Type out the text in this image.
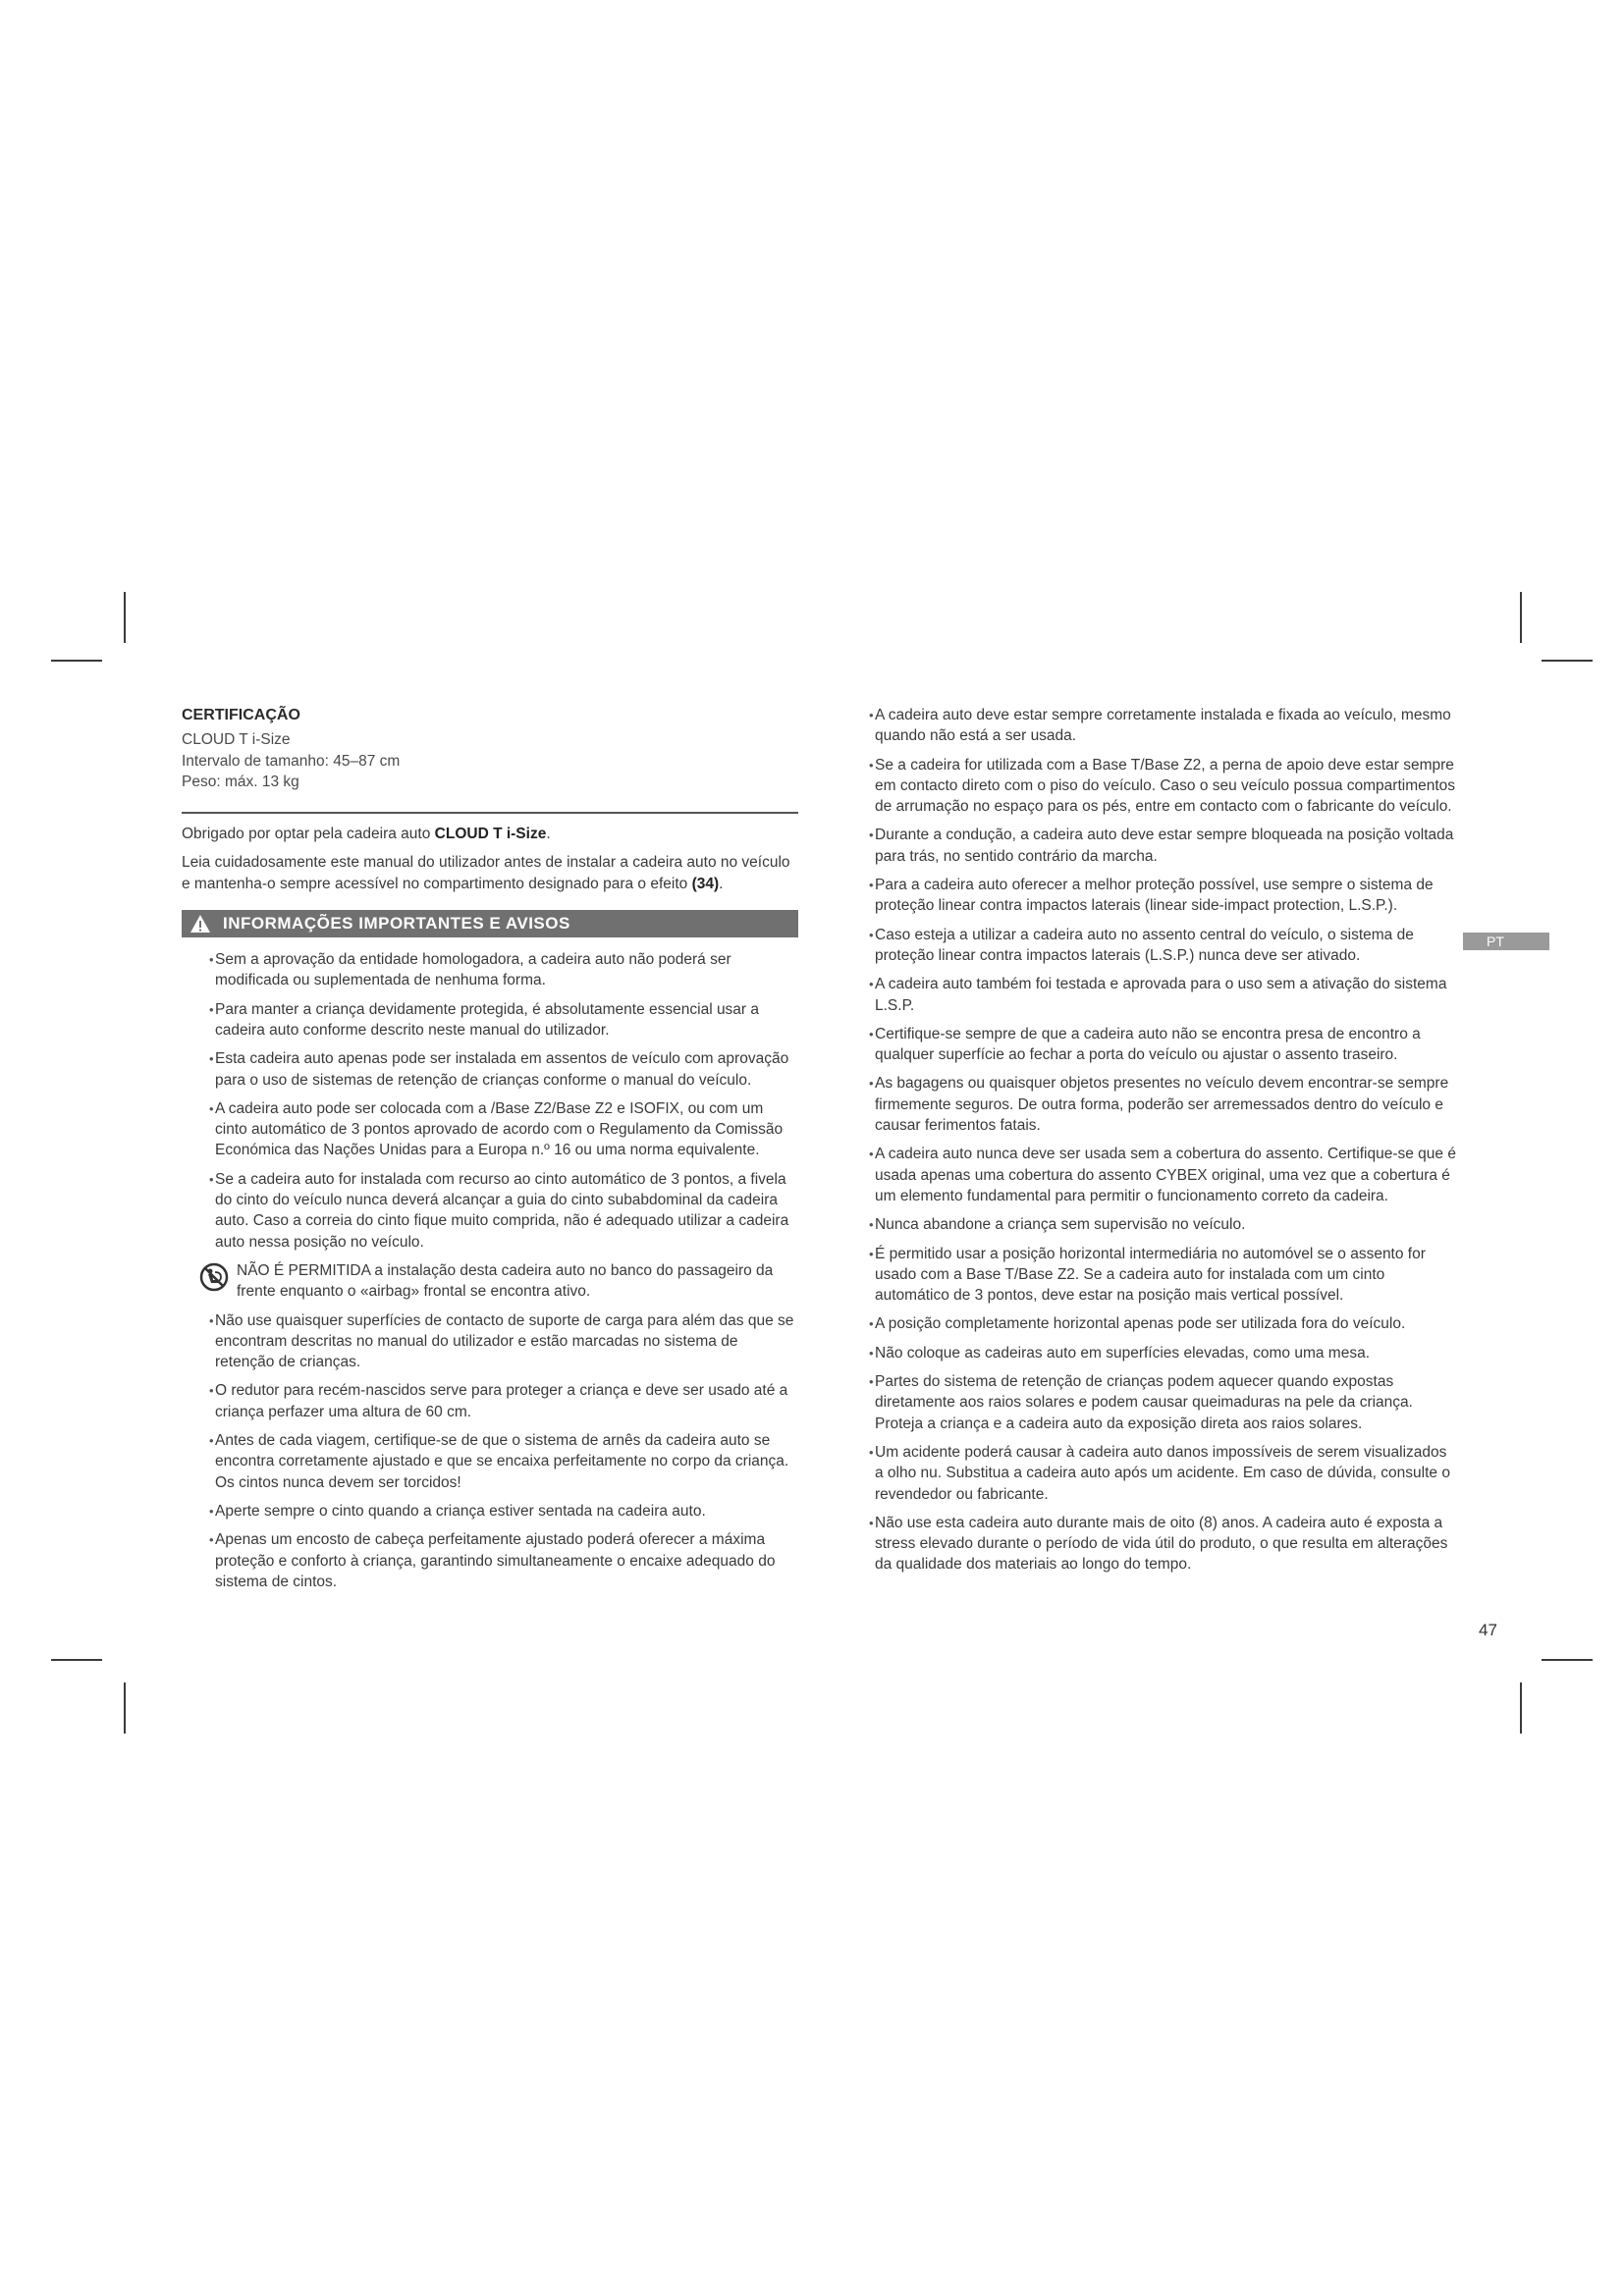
CERTIFICAÇÃO
CLOUD T i-Size
Intervalo de tamanho: 45–87 cm
Peso: máx. 13 kg

Obrigado por optar pela cadeira auto CLOUD T i-Size.

Leia cuidadosamente este manual do utilizador antes de instalar a cadeira auto no veículo e mantenha-o sempre acessível no compartimento designado para o efeito (34).

INFORMAÇÕES IMPORTANTES E AVISOS
• Sem a aprovação da entidade homologadora, a cadeira auto não poderá ser modificada ou suplementada de nenhuma forma.
• Para manter a criança devidamente protegida, é absolutamente essencial usar a cadeira auto conforme descrito neste manual do utilizador.
• Esta cadeira auto apenas pode ser instalada em assentos de veículo com aprovação para o uso de sistemas de retenção de crianças conforme o manual do veículo.
• A cadeira auto pode ser colocada com a /Base Z2/Base Z2 e ISOFIX, ou com um cinto automático de 3 pontos aprovado de acordo com o Regulamento da Comissão Económica das Nações Unidas para a Europa n.º 16 ou uma norma equivalente.
• Se a cadeira auto for instalada com recurso ao cinto automático de 3 pontos, a fivela do cinto do veículo nunca deverá alcançar a guia do cinto subabdominal da cadeira auto. Caso a correia do cinto fique muito comprida, não é adequado utilizar a cadeira auto nessa posição no veículo.
NÃO É PERMITIDA a instalação desta cadeira auto no banco do passageiro da frente enquanto o «airbag» frontal se encontra ativo.
• Não use quaisquer superfícies de contacto de suporte de carga para além das que se encontram descritas no manual do utilizador e estão marcadas no sistema de retenção de crianças.
• O redutor para recém-nascidos serve para proteger a criança e deve ser usado até a criança perfazer uma altura de 60 cm.
• Antes de cada viagem, certifique-se de que o sistema de arnês da cadeira auto se encontra corretamente ajustado e que se encaixa perfeitamente no corpo da criança. Os cintos nunca devem ser torcidos!
• Aperte sempre o cinto quando a criança estiver sentada na cadeira auto.
• Apenas um encosto de cabeça perfeitamente ajustado poderá oferecer a máxima proteção e conforto à criança, garantindo simultaneamente o encaixe adequado do sistema de cintos.
• A cadeira auto deve estar sempre corretamente instalada e fixada ao veículo, mesmo quando não está a ser usada.
• Se a cadeira for utilizada com a Base T/Base Z2, a perna de apoio deve estar sempre em contacto direto com o piso do veículo. Caso o seu veículo possua compartimentos de arrumação no espaço para os pés, entre em contacto com o fabricante do veículo.
• Durante a condução, a cadeira auto deve estar sempre bloqueada na posição voltada para trás, no sentido contrário da marcha.
• Para a cadeira auto oferecer a melhor proteção possível, use sempre o sistema de proteção linear contra impactos laterais (linear side-impact protection, L.S.P.).
• Caso esteja a utilizar a cadeira auto no assento central do veículo, o sistema de proteção linear contra impactos laterais (L.S.P.) nunca deve ser ativado.
• A cadeira auto também foi testada e aprovada para o uso sem a ativação do sistema L.S.P.
• Certifique-se sempre de que a cadeira auto não se encontra presa de encontro a qualquer superfície ao fechar a porta do veículo ou ajustar o assento traseiro.
• As bagagens ou quaisquer objetos presentes no veículo devem encontrar-se sempre firmemente seguros. De outra forma, poderão ser arremessados dentro do veículo e causar ferimentos fatais.
• A cadeira auto nunca deve ser usada sem a cobertura do assento. Certifique-se que é usada apenas uma cobertura do assento CYBEX original, uma vez que a cobertura é um elemento fundamental para permitir o funcionamento correto da cadeira.
• Nunca abandone a criança sem supervisão no veículo.
• É permitido usar a posição horizontal intermediária no automóvel se o assento for usado com a Base T/Base Z2. Se a cadeira auto for instalada com um cinto automático de 3 pontos, deve estar na posição mais vertical possível.
• A posição completamente horizontal apenas pode ser utilizada fora do veículo.
• Não coloque as cadeiras auto em superfícies elevadas, como uma mesa.
• Partes do sistema de retenção de crianças podem aquecer quando expostas diretamente aos raios solares e podem causar queimaduras na pele da criança. Proteja a criança e a cadeira auto da exposição direta aos raios solares.
• Um acidente poderá causar à cadeira auto danos impossíveis de serem visualizados a olho nu. Substitua a cadeira auto após um acidente. Em caso de dúvida, consulte o revendedor ou fabricante.
• Não use esta cadeira auto durante mais de oito (8) anos. A cadeira auto é exposta a stress elevado durante o período de vida útil do produto, o que resulta em alterações da qualidade dos materiais ao longo do tempo.
PT
47
